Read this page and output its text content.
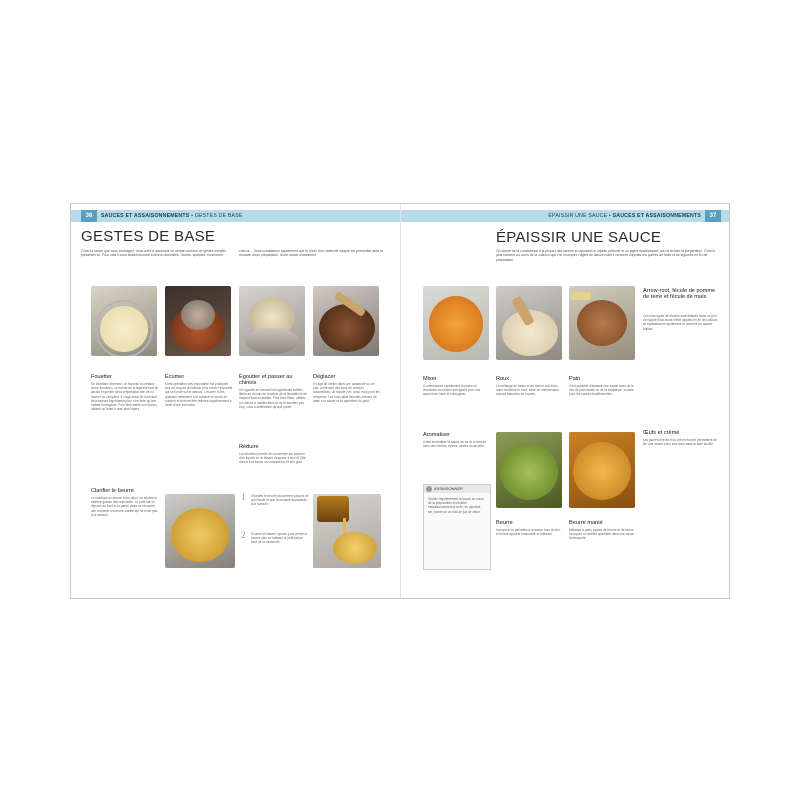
36	SAUCES ET ASSAISONNEMENTS • GESTES DE BASE
GESTES DE BASE
Créer la sauce que vous envisagez, nous avez à accomplir un certain nombre de gestes simples présentés ici. Pour cela il vous faudra recourir à divers ustensiles : fouets, spatules, écumoires,
chinois… Vous constaterez rapidement que le choix d'un ustensile adapté est primordial dans la réussite d'une préparation, d'une sauce notamment.
Fouetter
Se fouettant vivement, on favorise la création d'une émulsion, on donne de la légèreté tout en aérant et gonfler de la préparation afin de lui donner de l'ampleur. Il s'agit aussi de la texture de plusieurs ingrédients pour n'en faire qu'une masse homogène. Pour bien battre vos blancs, utilisez un fouet à bras plus légers.
Écumer
Cette opération très importante est pratiquée tout au long de la cuisson pour retirer l'impureté qui se forme sur le dessus. L'écume et les graisses remontent à la surface en cours de cuisson et doivent être retirées régulièrement à l'aide d'une écumoire.
Égoutter et passer au chinois
On égoutte en versant les ingrédients solides filtrés au chinois en fonction de la limpidité et de l'aspect final souhaités. Pour bien filtrer, utilisez un chinois à mailles fines et ne le fouettez pas trop, vous n'obtiendriez qu'une purée.
Déglacer
Il s'agit de verser dans une casserole ou un plat, contenant des sucs de cuisson caramélisés, un liquide (vin, fond, eau) pour les récupérer. Les sucs ainsi décollés servent de base à la sauce et lui apportent du goût.
Réduire
La réduction permet de concentrer les saveurs d'un liquide en le faisant évaporer à feu vif. Elle donne à la sauce sa consistance et son goût.
Clarifier le beurre
Le clarifiant du beurre à feu doux, on sépare la matière grasse des impuretés. Le petit-lait se dépose au fond et la partie claire se récupère afin d'obtenir un beurre clarifié qui ne brûle pas à la cuisson.
1 Chauffer le beurre doucement jusqu'à ce qu'il fonde et que la mousse apparaisse à la surface.
2 Écumer et laisser reposer puis verser le beurre clair en laissant le petit-lait au fond de la casserole.
ÉPAISSIR UNE SAUCE • SAUCES ET ASSAISONNEMENTS	37
ÉPAISSIR UNE SAUCE
On donne de la consistance à la plupart des sauces en ajoutant un liquide parfumé et un agent épaississant, qui va réduire la préparation. C'est le plus souvent au cours de la cuisson que l'on incorpore l'agent de liaison mais il convient d'ajouter les purées de fruits et de légumes en fin de préparation.
Mixer
Confectionnez rapidement la purée ou l'émulsion au mixeur plongeant pour une sauce bien lisse et homogène.
Roux
Le mélange de farine et de beurre cuit à feu doux constitue le roux, base de nombreuses sauces blanches ou brunes.
Pain
Il est possible d'épaissir une sauce avec de la mie de pain rassis ou de la chapelure, comme pour les sauces traditionnelles.
Arrow-root, fécule de pomme de terre et fécule de maïs
Ces trois types de fécules sont délayés dans un peu de liquide froid avant d'être ajoutés en fin de cuisson. Ils épaississent rapidement et donnent un aspect brillant.
Œufs et crème
Les jaunes d'œufs et la crème fraîche permettent de lier une sauce à feu très doux sans la faire bouillir.
Aromatiser
Il faut aromatiser la sauce au fur et à mesure avec des herbes, épices, zestes ou alcools.
ASSAISONNER
Goûter régulièrement la sauce au cours de la préparation et rectifier l'assaisonnement à la fin, en ajoutant sel, poivre ou un trait de jus de citron.
Beurre
Incorporé en parcelles à la sauce hors du feu, le beurre apporte onctuosité et brillance.
Beurre manié
Mélange à parts égales de beurre et de farine incorporé en petites quantités dans une sauce frémissante.
